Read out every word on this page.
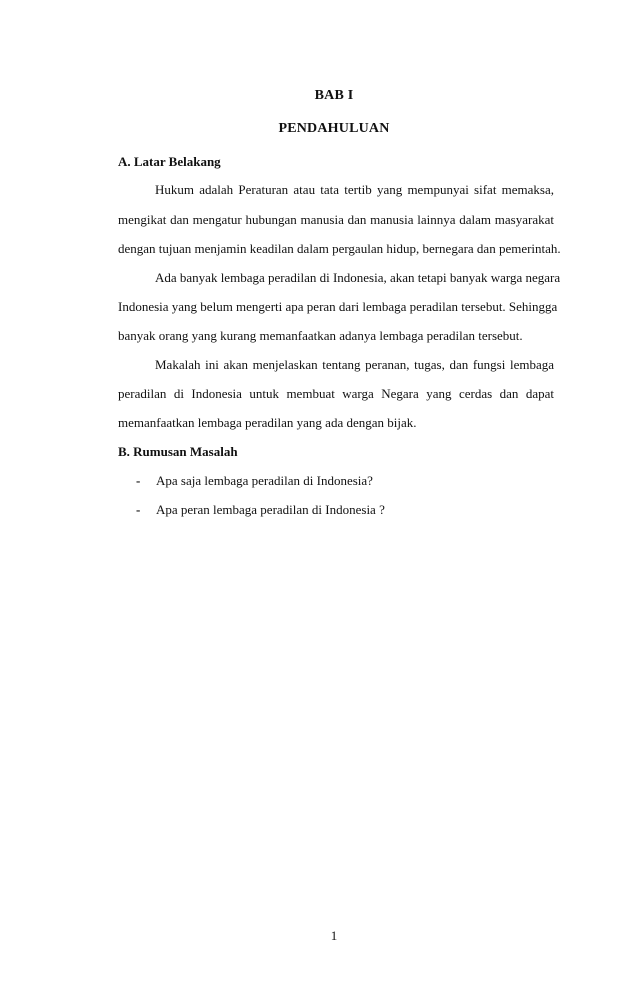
BAB I
PENDAHULUAN
A. Latar Belakang
Hukum adalah Peraturan atau tata tertib yang mempunyai sifat memaksa,
mengikat dan mengatur hubungan manusia dan manusia lainnya dalam masyarakat
dengan tujuan menjamin keadilan dalam pergaulan hidup, bernegara dan pemerintah.
Ada banyak lembaga peradilan di Indonesia, akan tetapi banyak warga negara
Indonesia yang belum mengerti apa peran dari lembaga peradilan tersebut. Sehingga
banyak orang yang kurang memanfaatkan adanya lembaga peradilan tersebut.
Makalah ini akan menjelaskan tentang peranan, tugas, dan fungsi lembaga
peradilan di Indonesia untuk membuat warga Negara yang cerdas dan dapat
memanfaatkan lembaga peradilan yang ada dengan bijak.
B. Rumusan Masalah
- Apa saja lembaga peradilan di Indonesia?
- Apa peran lembaga peradilan di Indonesia ?
1
